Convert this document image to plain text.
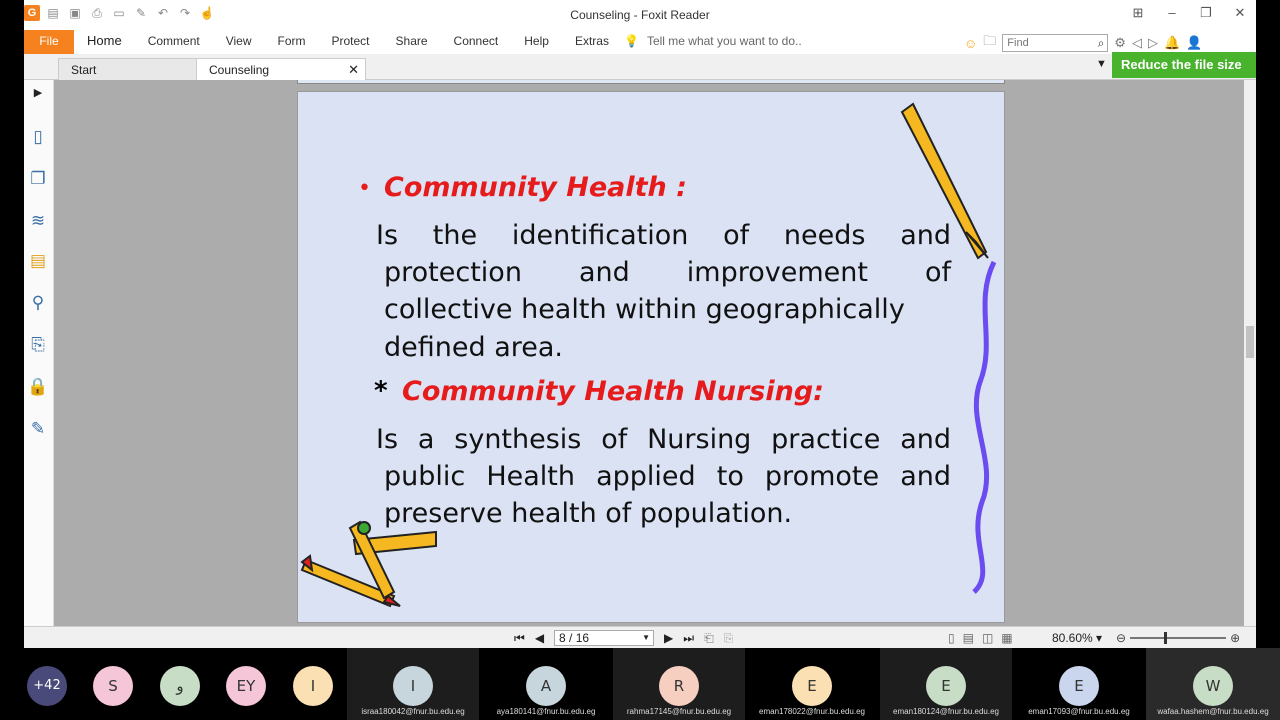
G ▤ ▣ ⎙ ▭ ✎ ↶ ↷ ☝	Counseling - Foxit Reader	⊞	–	❐ ✕
File	Home	Comment	View	Form	Protect	Share	Connect	Help	Extras	💡 Tell me what you want to do..	☺ 🗀	Find	⌕ ⚙ ◁ ▷ 🔔 👤
Start	Counseling	✕	▼	Reduce the file size
▶
▯
❐
≋
▤
⚲
⎘
🔒
✎
• Community Health :
Is the identification of needs and
protection and improvement of
collective health within geographically
defined area.
* Community Health Nursing:
Is a synthesis of Nursing practice and
public Health applied to promote and
preserve health of population.
⏮ ◀	8 / 16	▼ ▶ ⏭ ⎗ ⎘	▯ ▤ ◫ ▦	80.60% ▾ ⊖	⊕
+42	S	و	EY	I	I
israa180042@fnur.bu.edu.eg
A
aya180141@fnur.bu.edu.eg
R
rahma17145@fnur.bu.edu.eg
E
eman178022@fnur.bu.edu.eg
E
eman180124@fnur.bu.edu.eg
E
eman17093@fnur.bu.edu.eg
W
wafaa.hashem@fnur.bu.edu.eg
